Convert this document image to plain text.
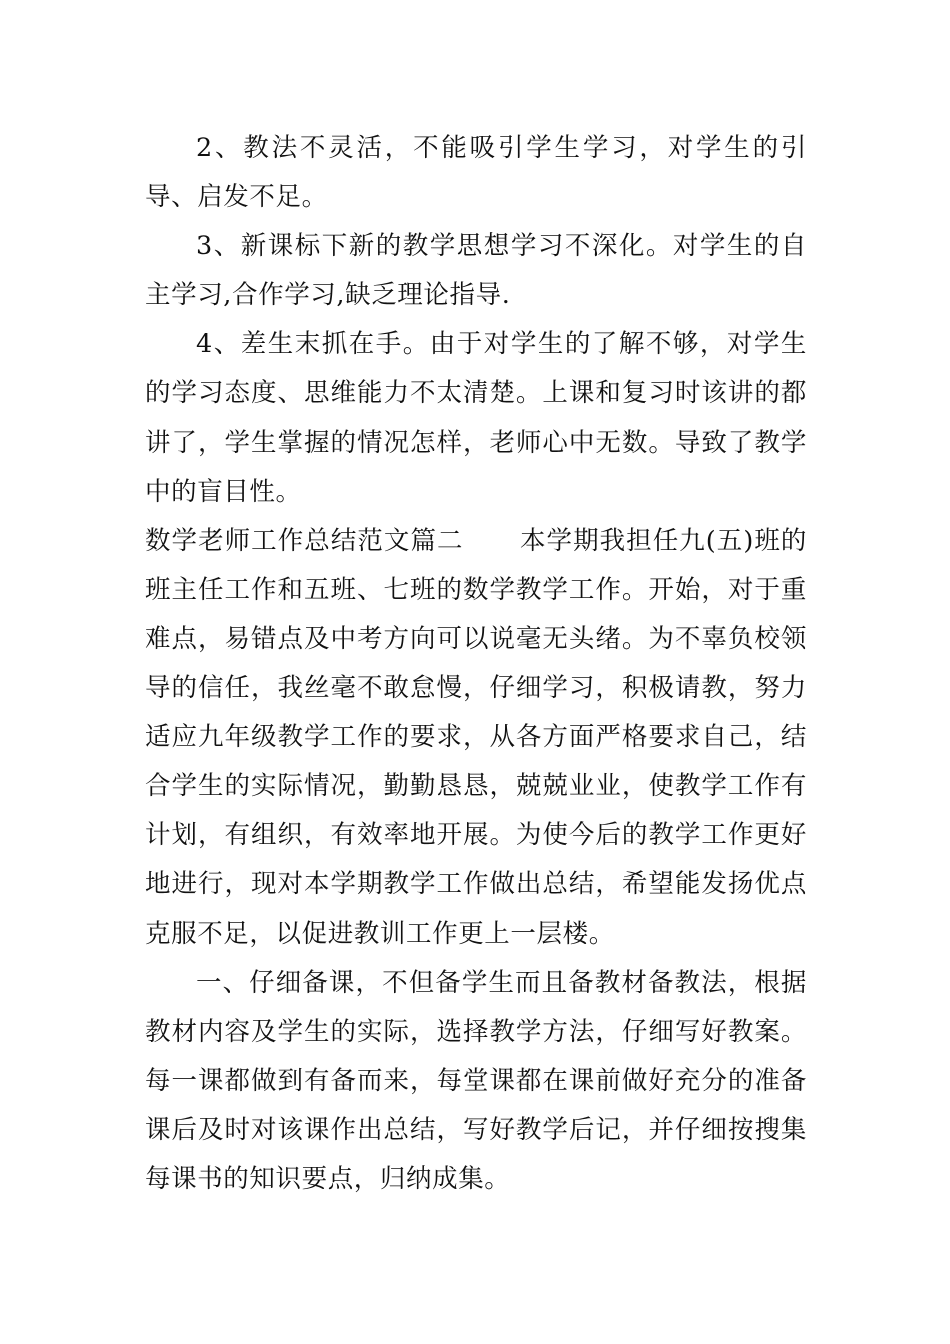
2、教法不灵活，不能吸引学生学习，对学生的引导、启发不足。

3、新课标下新的教学思想学习不深化。对学生的自主学习,合作学习,缺乏理论指导.

4、差生末抓在手。由于对学生的了解不够，对学生的学习态度、思维能力不太清楚。上课和复习时该讲的都讲了，学生掌握的情况怎样，老师心中无数。导致了教学中的盲目性。

数学老师工作总结范文篇二 本学期我担任九(五)班的班主任工作和五班、七班的数学教学工作。开始，对于重难点，易错点及中考方向可以说毫无头绪。为不辜负校领导的信任，我丝毫不敢怠慢，仔细学习，积极请教，努力适应九年级教学工作的要求，从各方面严格要求自己，结合学生的实际情况，勤勤恳恳，兢兢业业，使教学工作有计划，有组织，有效率地开展。为使今后的教学工作更好地进行，现对本学期教学工作做出总结，希望能发扬优点克服不足，以促进教训工作更上一层楼。

一、仔细备课，不但备学生而且备教材备教法，根据教材内容及学生的实际，选择教学方法，仔细写好教案。每一课都做到有备而来，每堂课都在课前做好充分的准备课后及时对该课作出总结，写好教学后记，并仔细按搜集每课书的知识要点，归纳成集。
